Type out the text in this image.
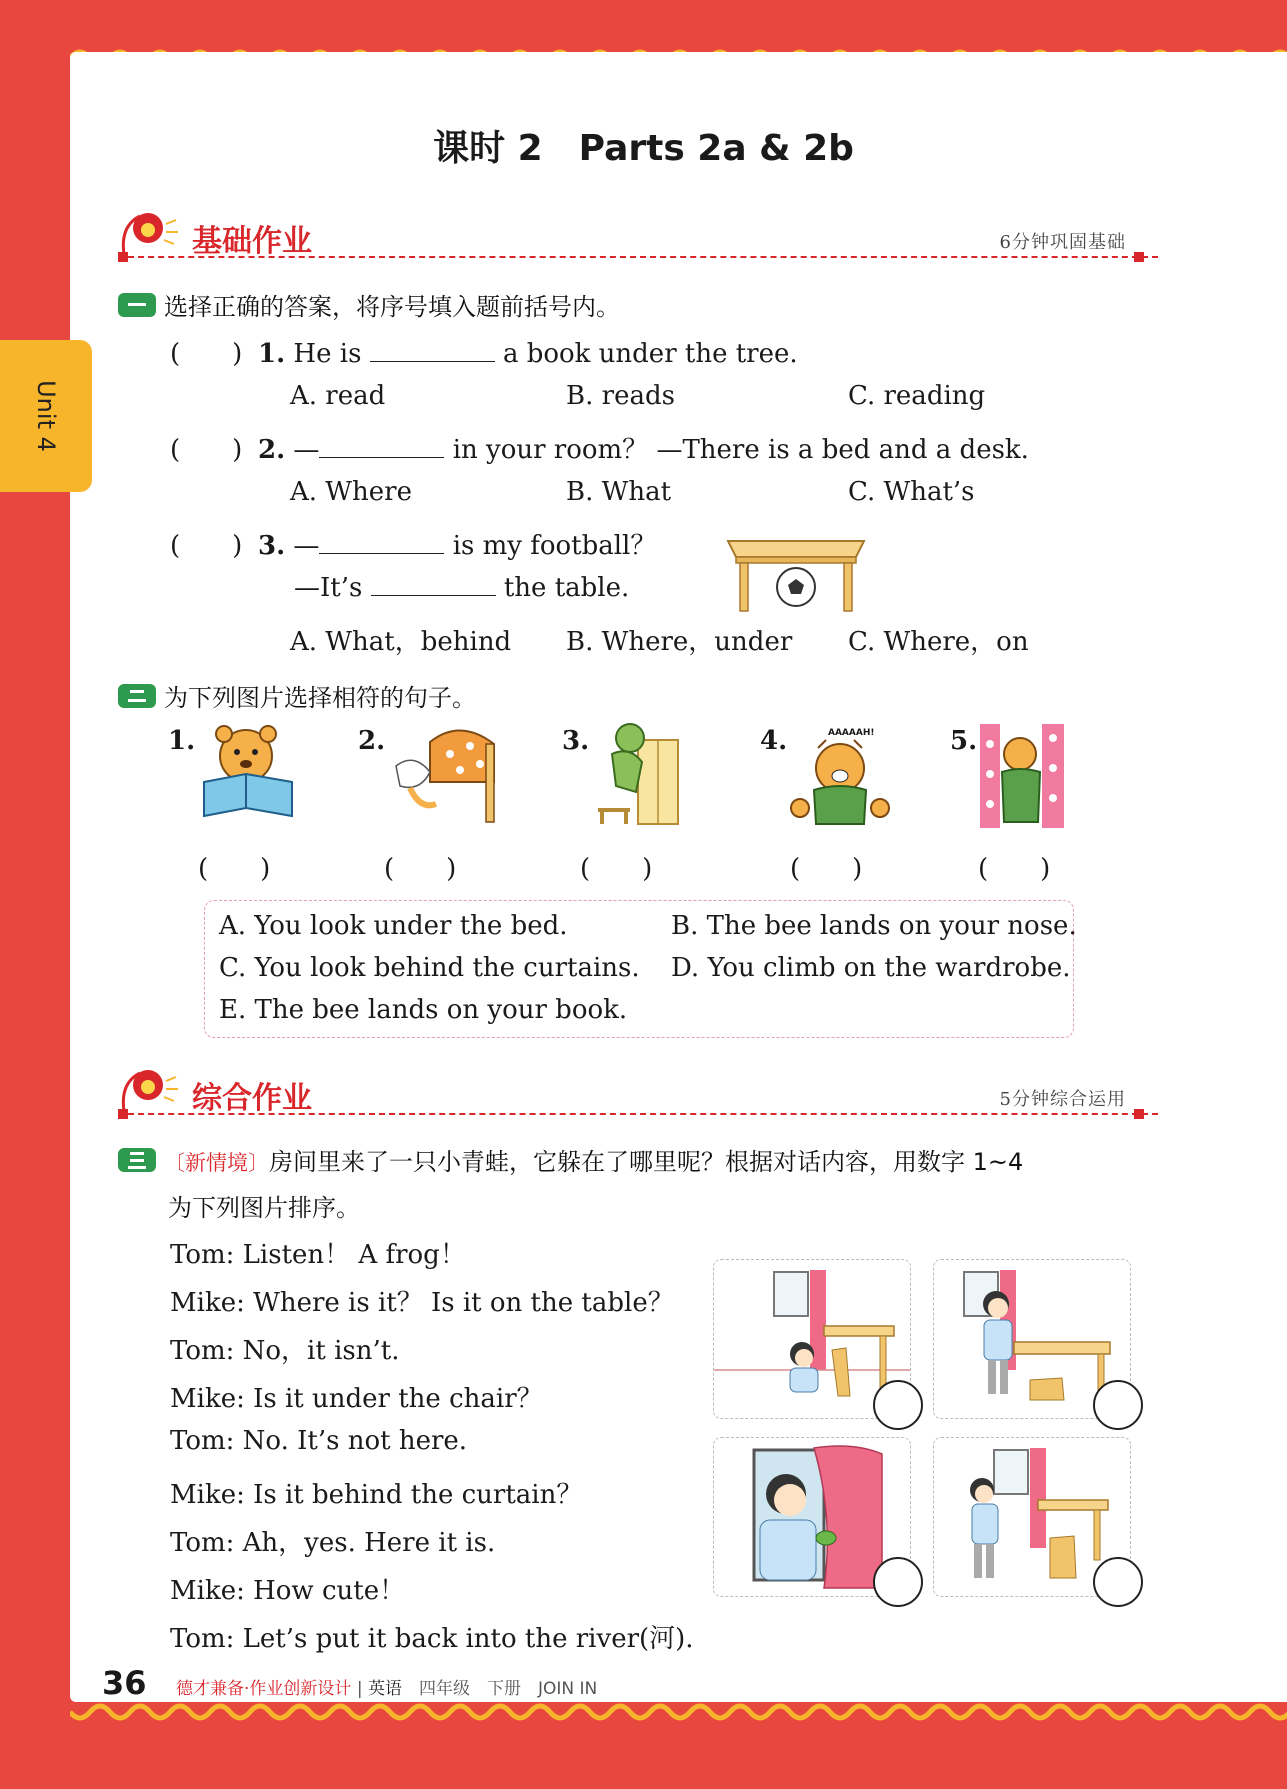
Unit 4
课时 2　Parts 2a & 2b
基础作业	6分钟巩固基础
选择正确的答案，将序号填入题前括号内。
(　　) 1. He is	a book under the tree.
A. read	B. reads	C. reading
(　　) 2. —	in your room？ —There is a bed and a desk.
A. Where	B. What	C. What’s
(　　) 3. —	is my football？
—It’s	the table.
A. What，behind B. Where，under C. Where，on
为下列图片选择相符的句子。
1.
(　　)
2.
(　　)
3.
(　　)
4.	AAAAAH!
(　　)
5.
(　　)
A. You look under the bed.	B. The bee lands on your nose.
C. You look behind the curtains. D. You climb on the wardrobe.
E. The bee lands on your book.
综合作业	5分钟综合运用
〔新情境〕房间里来了一只小青蛙，它躲在了哪里呢？根据对话内容，用数字 1~4
为下列图片排序。
Tom: Listen！ A frog！
Mike: Where is it？ Is it on the table？
Tom: No，it isn’t.
Mike: Is it under the chair？
Tom: No. It’s not here.
Mike: Is it behind the curtain？
Tom: Ah，yes. Here it is.
Mike: How cute！
Tom: Let’s put it back into the river(河).
36 德才兼备·作业创新设计 | 英语　 四年级　下册　JOIN IN
